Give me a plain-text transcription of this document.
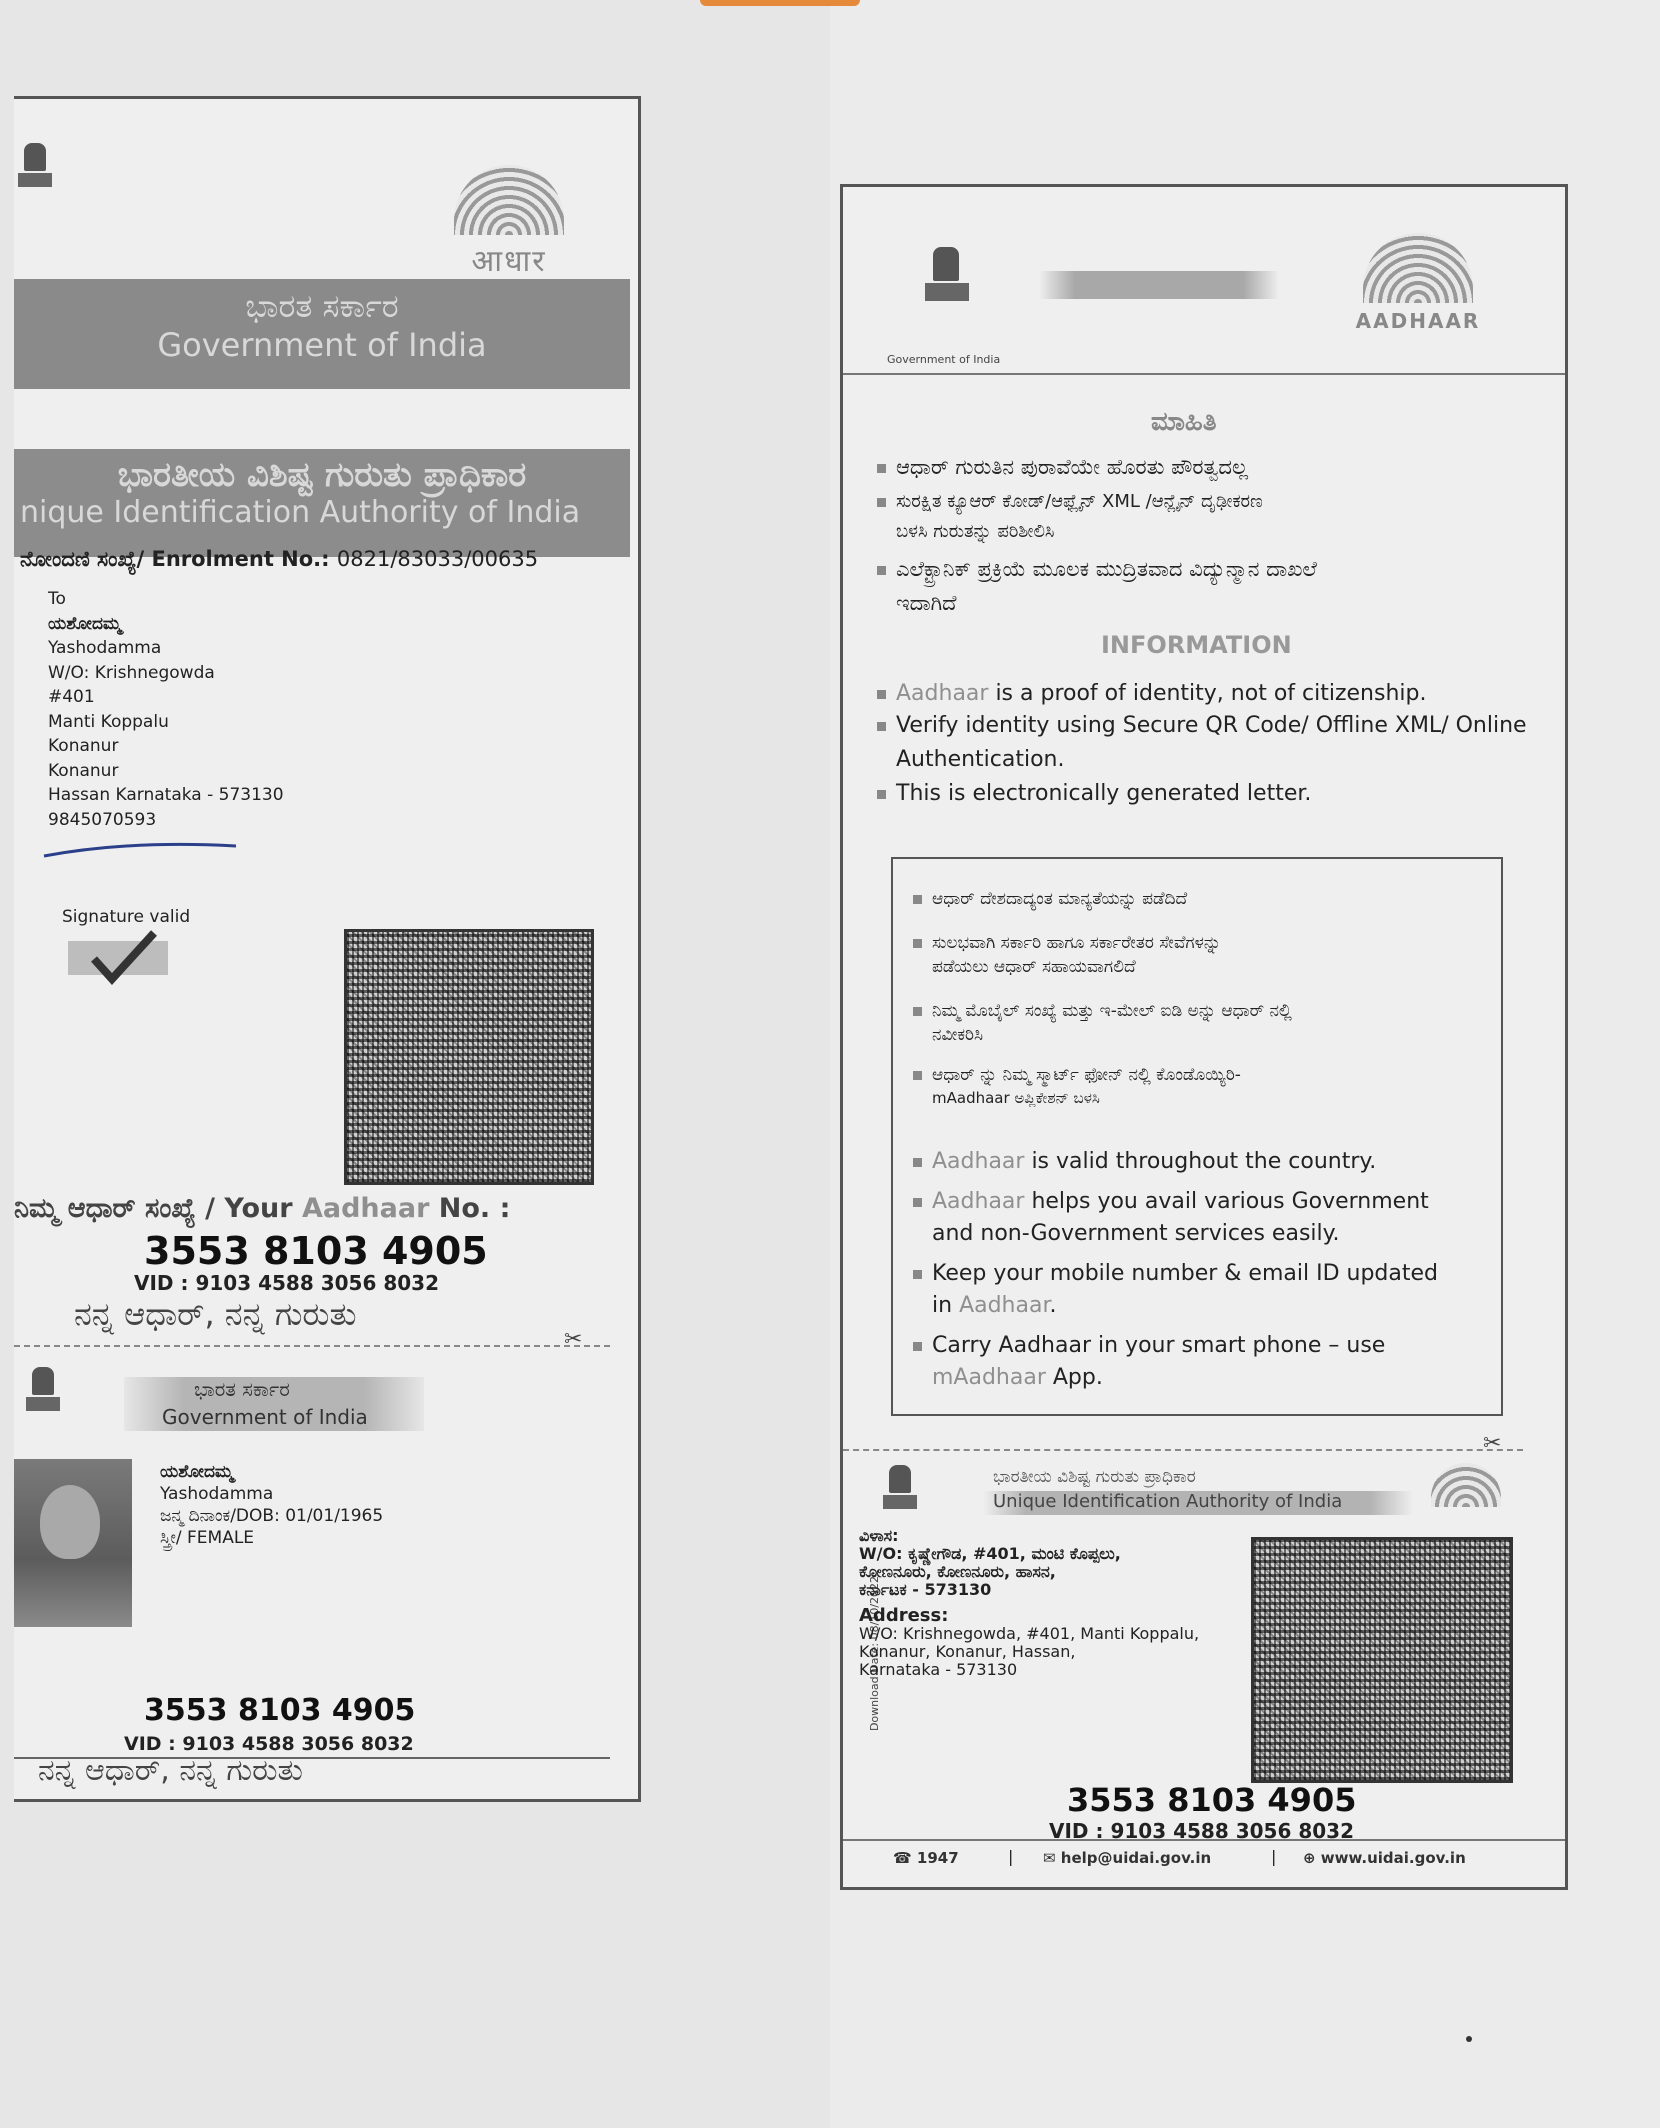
आधार
ಭಾರತ ಸರ್ಕಾರ
Government of India
ಭಾರತೀಯ ವಿಶಿಷ್ಟ ಗುರುತು ಪ್ರಾಧಿಕಾರ
nique Identification Authority of India
ನೋಂದಣಿ ಸಂಖ್ಯೆ/ Enrolment No.: 0821/83033/00635
To
ಯಶೋದಮ್ಮ
Yashodamma
W/O: Krishnegowda
#401
Manti Koppalu
Konanur
Konanur
Hassan Karnataka - 573130
9845070593
Signature valid
ನಿಮ್ಮ ಆಧಾರ್ ಸಂಖ್ಯೆ / Your Aadhaar No. :
3553 8103 4905
VID : 9103 4588 3056 8032
ನನ್ನ ಆಧಾರ್, ನನ್ನ ಗುರುತು
✂
ಭಾರತ ಸರ್ಕಾರ
Government of India
ಯಶೋದಮ್ಮ
Yashodamma
ಜನ್ಮ ದಿನಾಂಕ/DOB: 01/01/1965
ಸ್ತ್ರೀ/ FEMALE
3553 8103 4905
VID : 9103 4588 3056 8032
ನನ್ನ ಆಧಾರ್, ನನ್ನ ಗುರುತು
Government of India
AADHAAR
ಮಾಹಿತಿ
ಆಧಾರ್ ಗುರುತಿನ ಪುರಾವೆಯೇ ಹೊರತು ಪೌರತ್ವದಲ್ಲ
ಸುರಕ್ಷಿತ ಕ್ಯೂಆರ್ ಕೋಡ್/ಆಫ್ಲೈನ್ XML /ಆನ್ಲೈನ್ ದೃಢೀಕರಣ
ಬಳಸಿ ಗುರುತನ್ನು ಪರಿಶೀಲಿಸಿ
ಎಲೆಕ್ಟ್ರಾನಿಕ್ ಪ್ರಕ್ರಿಯೆ ಮೂಲಕ ಮುದ್ರಿತವಾದ ವಿದ್ಯುನ್ಮಾನ ದಾಖಲೆ
ಇದಾಗಿದೆ
INFORMATION
Aadhaar is a proof of identity, not of citizenship.
Verify identity using Secure QR Code/ Offline XML/ Online
Authentication.
This is electronically generated letter.
ಆಧಾರ್ ದೇಶದಾದ್ಯಂತ ಮಾನ್ಯತೆಯನ್ನು ಪಡೆದಿದೆ
ಸುಲಭವಾಗಿ ಸರ್ಕಾರಿ ಹಾಗೂ ಸರ್ಕಾರೇತರ ಸೇವೆಗಳನ್ನು
ಪಡೆಯಲು ಆಧಾರ್ ಸಹಾಯವಾಗಲಿದೆ
ನಿಮ್ಮ ಮೊಬೈಲ್ ಸಂಖ್ಯೆ ಮತ್ತು ಇ-ಮೇಲ್ ಐಡಿ ಅನ್ನು ಆಧಾರ್ ನಲ್ಲಿ
ನವೀಕರಿಸಿ
ಆಧಾರ್ ನ್ನು ನಿಮ್ಮ ಸ್ಮಾರ್ಟ್ ಫೋನ್ ನಲ್ಲಿ ಕೊಂಡೊಯ್ಯಿರಿ-
mAadhaar ಅಪ್ಲಿಕೇಶನ್ ಬಳಸಿ
Aadhaar is valid throughout the country.
Aadhaar helps you avail various Government
and non-Government services easily.
Keep your mobile number & email ID updated
in Aadhaar.
Carry Aadhaar in your smart phone – use
mAadhaar App.
✂
ಭಾರತೀಯ ವಿಶಿಷ್ಟ ಗುರುತು ಪ್ರಾಧಿಕಾರ
Unique Identification Authority of India
Download Date: 08/10/2022
ವಿಳಾಸ:
W/O: ಕೃಷ್ಣೇಗೌಡ, #401, ಮಂಟಿ ಕೊಪ್ಪಲು,
ಕೋಣನೂರು, ಕೋಣನೂರು, ಹಾಸನ,
ಕರ್ನಾಟಕ - 573130
Address:
W/O: Krishnegowda, #401, Manti Koppalu,
Konanur, Konanur, Hassan,
Karnataka - 573130
3553 8103 4905
VID : 9103 4588 3056 8032
☎ 1947	| ✉ help@uidai.gov.in	| ⊕ www.uidai.gov.in
